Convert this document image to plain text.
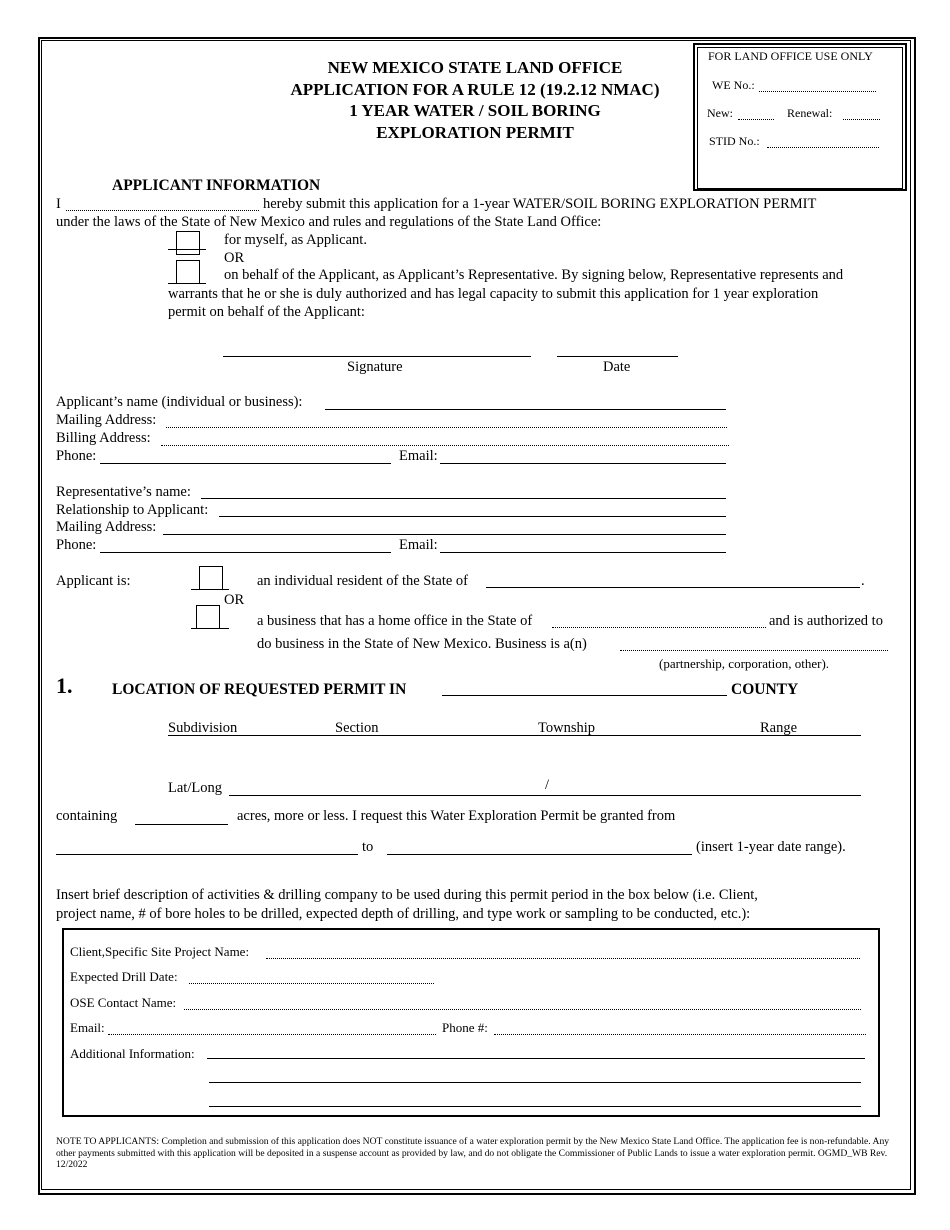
NEW MEXICO STATE LAND OFFICE
APPLICATION FOR A RULE 12 (19.2.12 NMAC)
1 YEAR WATER / SOIL BORING
EXPLORATION PERMIT
FOR LAND OFFICE USE ONLY
WE No.:
New:	Renewal:
STID No.:
APPLICANT INFORMATION
I	hereby submit this application for a 1-year WATER/SOIL BORING EXPLORATION PERMIT
under the laws of the State of New Mexico and rules and regulations of the State Land Office:
for myself, as Applicant.
OR
on behalf of the Applicant, as Applicant’s Representative. By signing below, Representative represents and
warrants that he or she is duly authorized and has legal capacity to submit this application for 1 year exploration
permit on behalf of the Applicant:
Signature	Date
Applicant’s name (individual or business):
Mailing Address:
Billing Address:
Phone:	Email:
Representative’s name:
Relationship to Applicant:
Mailing Address:
Phone:	Email:
Applicant is:	an individual resident of the State of	.
OR
a business that has a home office in the State of	and is authorized to
do business in the State of New Mexico. Business is a(n)
(partnership, corporation, other).
1.	LOCATION OF REQUESTED PERMIT IN	COUNTY
Subdivision	Section	Township	Range
Lat/Long	/
containing	acres, more or less. I request this Water Exploration Permit be granted from
to	(insert 1-year date range).
Insert brief description of activities & drilling company to be used during this permit period in the box below (i.e. Client,
project name, # of bore holes to be drilled, expected depth of drilling, and type work or sampling to be conducted, etc.):
Client,Specific Site Project Name:
Expected Drill Date:
OSE Contact Name:
Email:	Phone #:
Additional Information:
NOTE TO APPLICANTS: Completion and submission of this application does NOT constitute issuance of a water exploration permit by the New Mexico State Land Office. The application fee is non-refundable. Any other payments submitted with this application will be deposited in a suspense account as provided by law, and do not obligate the Commissioner of Public Lands to issue a water exploration permit. OGMD_WB Rev. 12/2022
